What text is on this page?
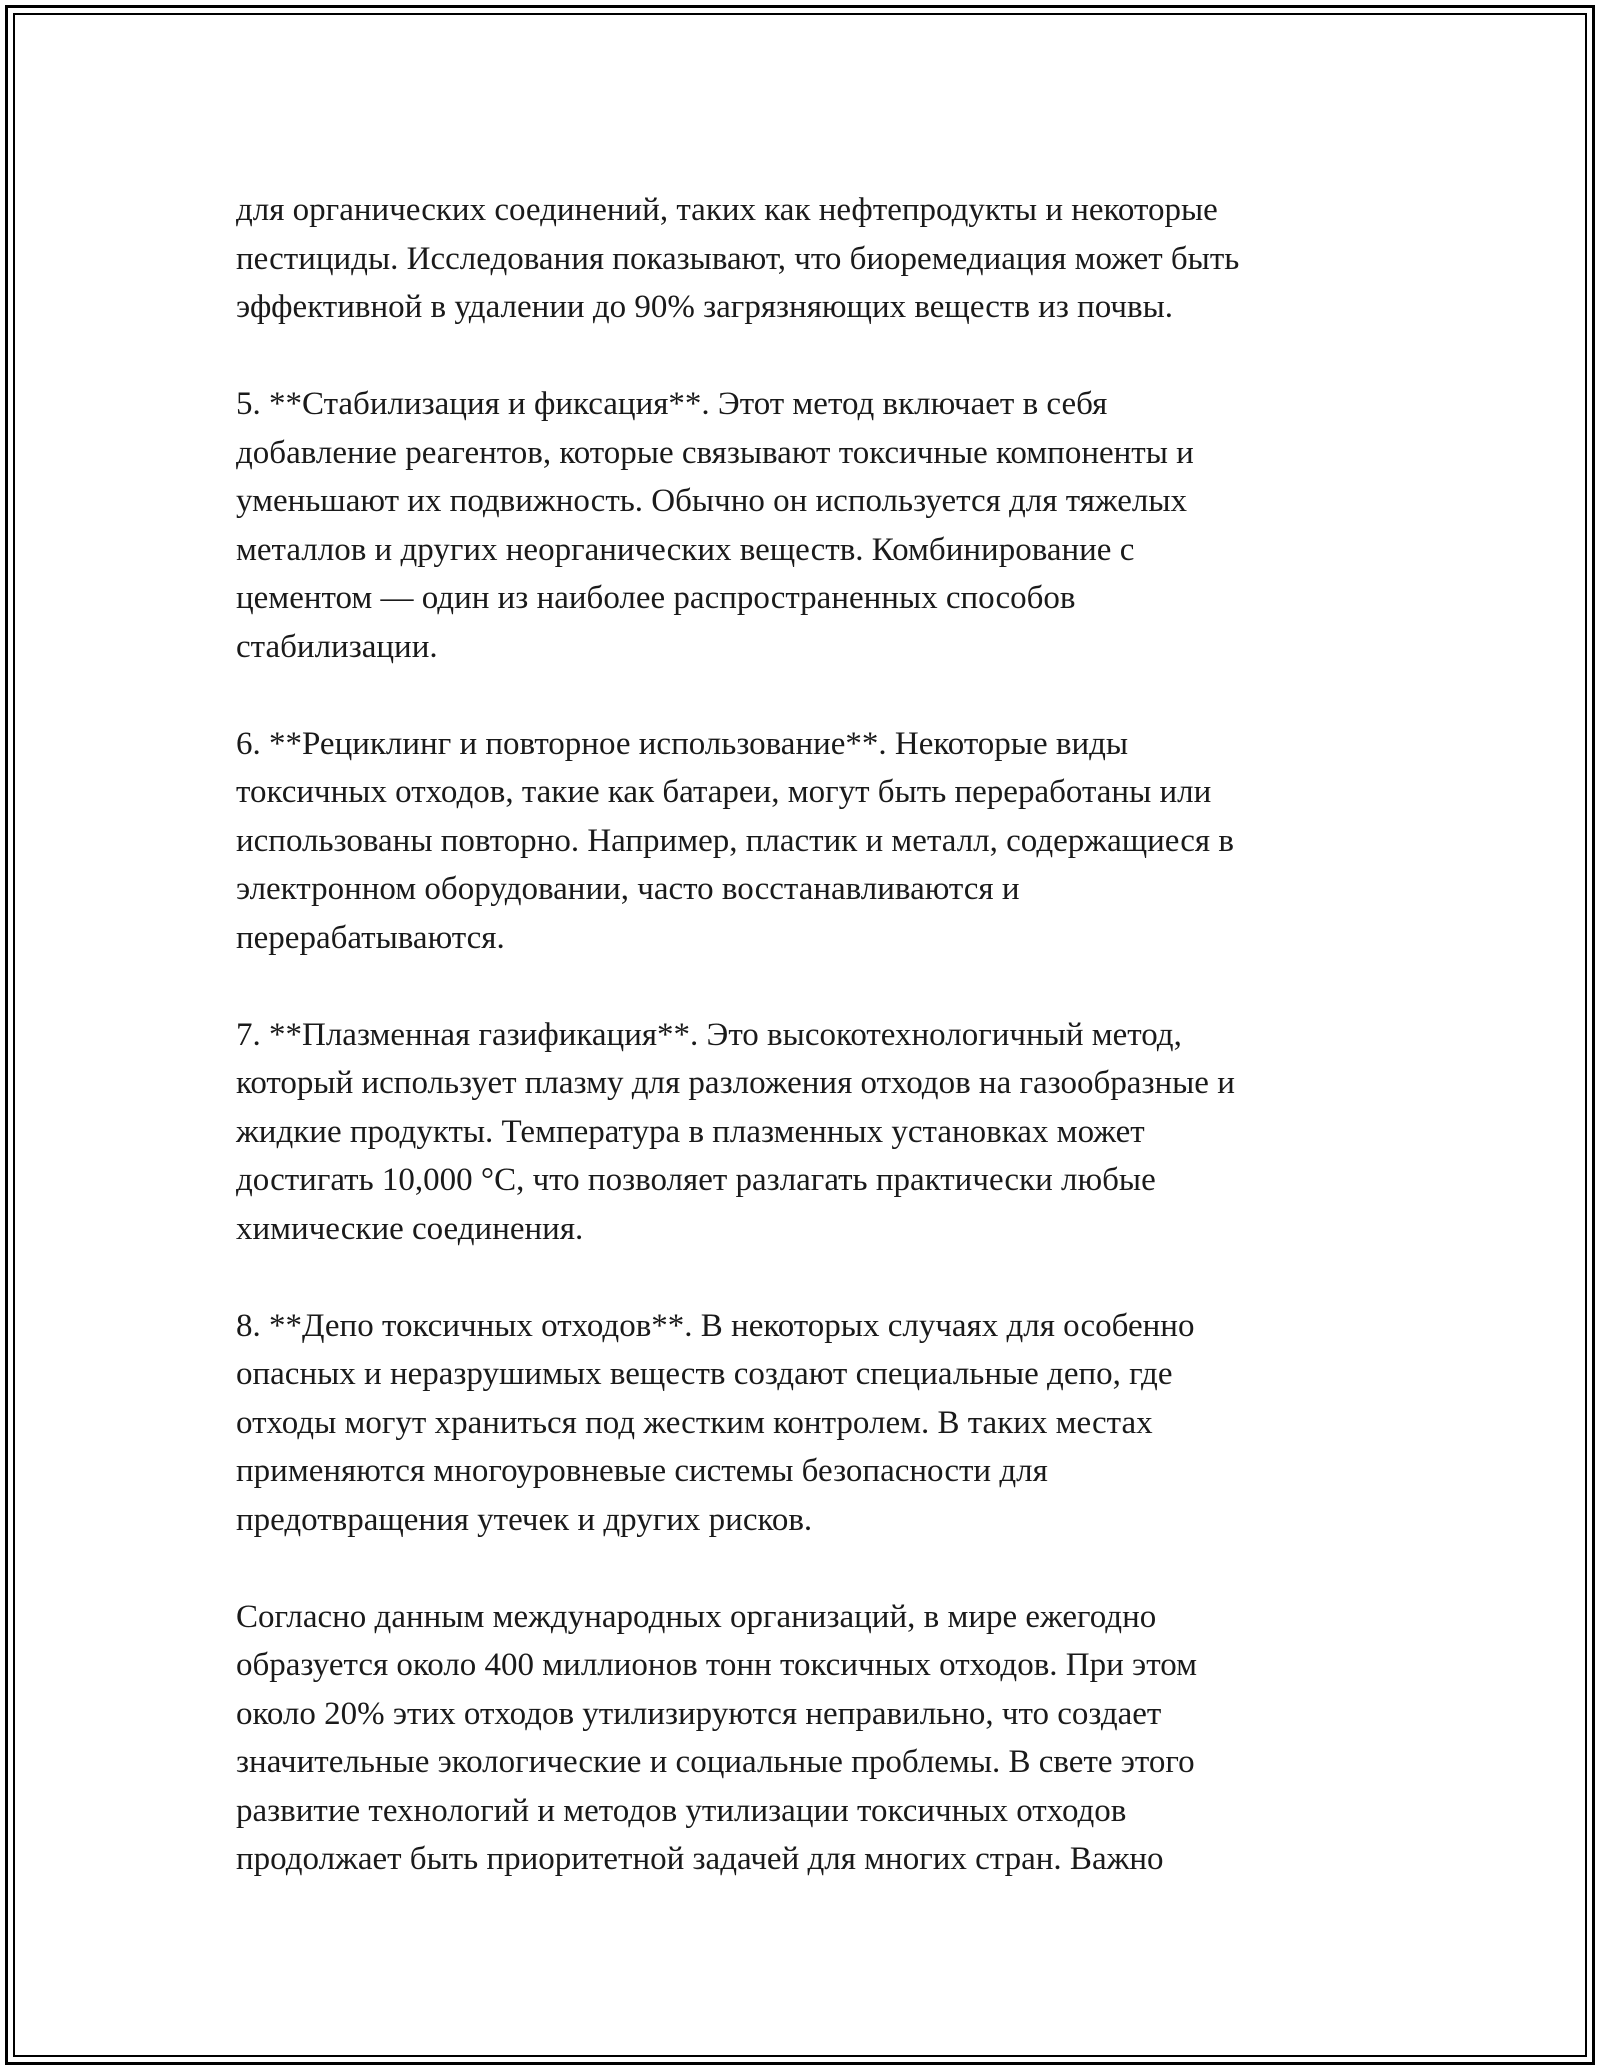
для органических соединений, таких как нефтепродукты и некоторые
пестициды. Исследования показывают, что биоремедиация может быть
эффективной в удалении до 90% загрязняющих веществ из почвы.

5. **Стабилизация и фиксация**. Этот метод включает в себя
добавление реагентов, которые связывают токсичные компоненты и
уменьшают их подвижность. Обычно он используется для тяжелых
металлов и других неорганических веществ. Комбинирование с
цементом — один из наиболее распространенных способов
стабилизации.

6. **Рециклинг и повторное использование**. Некоторые виды
токсичных отходов, такие как батареи, могут быть переработаны или
использованы повторно. Например, пластик и металл, содержащиеся в
электронном оборудовании, часто восстанавливаются и
перерабатываются.

7. **Плазменная газификация**. Это высокотехнологичный метод,
который использует плазму для разложения отходов на газообразные и
жидкие продукты. Температура в плазменных установках может
достигать 10,000 °C, что позволяет разлагать практически любые
химические соединения.

8. **Депо токсичных отходов**. В некоторых случаях для особенно
опасных и неразрушимых веществ создают специальные депо, где
отходы могут храниться под жестким контролем. В таких местах
применяются многоуровневые системы безопасности для
предотвращения утечек и других рисков.

Согласно данным международных организаций, в мире ежегодно
образуется около 400 миллионов тонн токсичных отходов. При этом
около 20% этих отходов утилизируются неправильно, что создает
значительные экологические и социальные проблемы. В свете этого
развитие технологий и методов утилизации токсичных отходов
продолжает быть приоритетной задачей для многих стран. Важно
